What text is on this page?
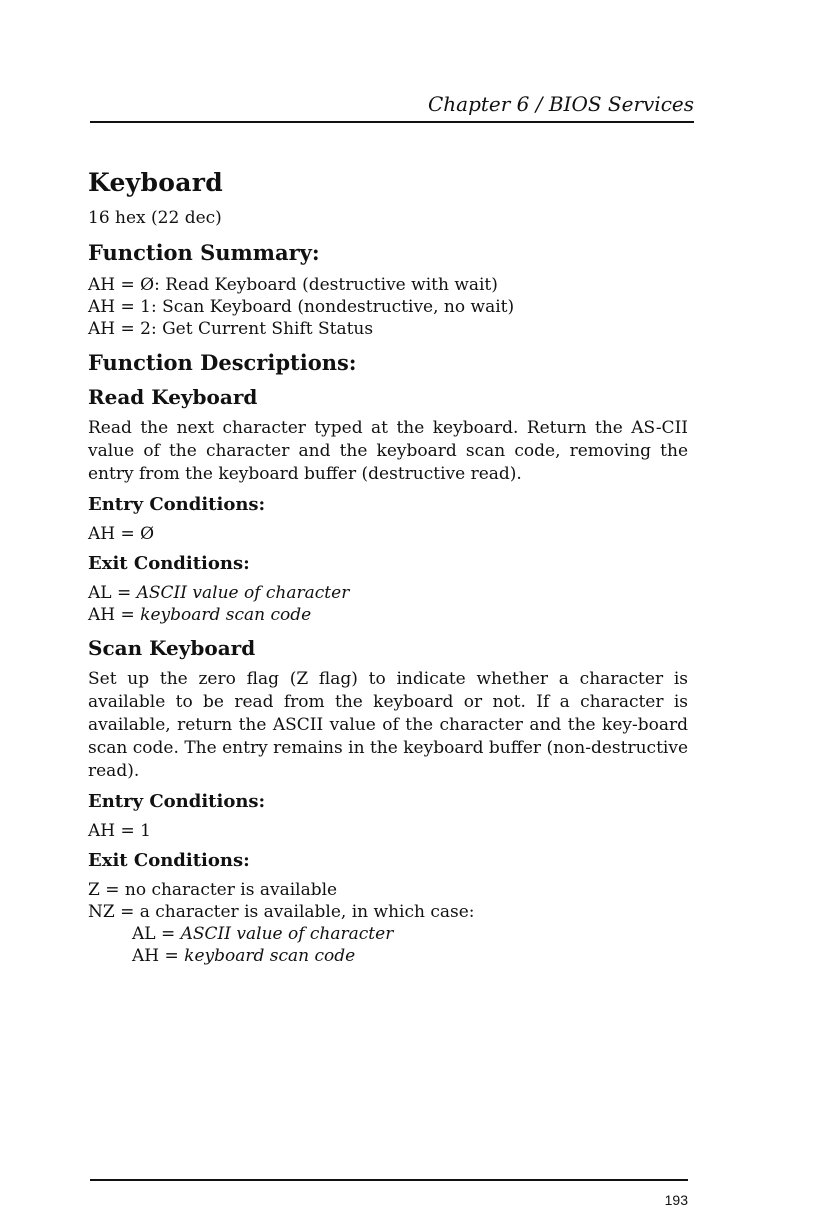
Chapter 6 / BIOS Services
Keyboard
16 hex (22 dec)
Function Summary:
AH = Ø: Read Keyboard (destructive with wait)
AH = 1: Scan Keyboard (nondestructive, no wait)
AH = 2: Get Current Shift Status
Function Descriptions:
Read Keyboard
Read the next character typed at the keyboard. Return the AS-CII value of the character and the keyboard scan code, removing the entry from the keyboard buffer (destructive read).
Entry Conditions:
AH = Ø
Exit Conditions:
AL = ASCII value of character
AH = keyboard scan code
Scan Keyboard
Set up the zero flag (Z flag) to indicate whether a character is available to be read from the keyboard or not. If a character is available, return the ASCII value of the character and the key-board scan code. The entry remains in the keyboard buffer (non-destructive read).
Entry Conditions:
AH = 1
Exit Conditions:
Z = no character is available
NZ = a character is available, in which case:
AL = ASCII value of character
AH = keyboard scan code
193
